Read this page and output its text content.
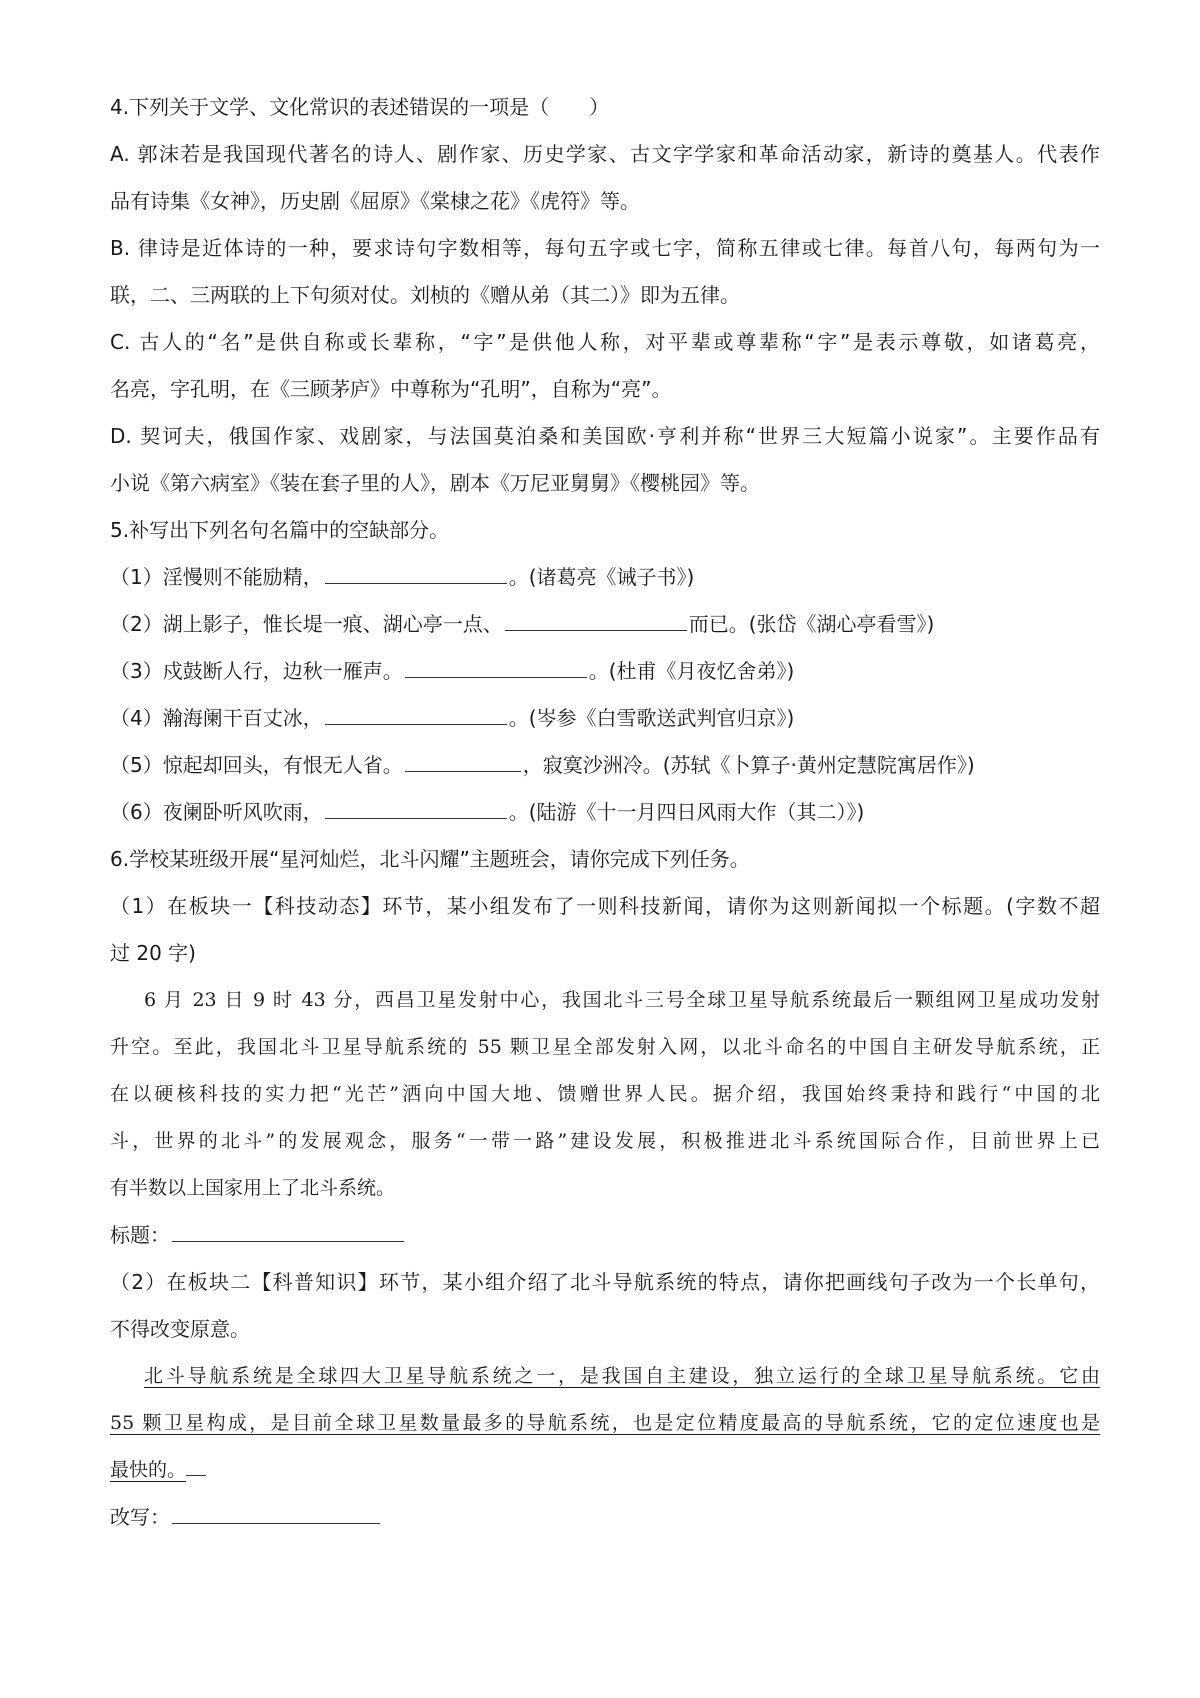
4.下列关于文学、文化常识的表述错误的一项是（　　）
A. 郭沫若是我国现代著名的诗人、剧作家、历史学家、古文字学家和革命活动家，新诗的奠基人。代表作
品有诗集《女神》，历史剧《屈原》《棠棣之花》《虎符》等。
B. 律诗是近体诗的一种，要求诗句字数相等，每句五字或七字，简称五律或七律。每首八句，每两句为一
联，二、三两联的上下句须对仗。刘桢的《赠从弟（其二）》即为五律。
C. 古人的“名”是供自称或长辈称，“字”是供他人称，对平辈或尊辈称“字”是表示尊敬，如诸葛亮，
名亮，字孔明，在《三顾茅庐》中尊称为“孔明”，自称为“亮”。
D. 契诃夫，俄国作家、戏剧家，与法国莫泊桑和美国欧·亨利并称“世界三大短篇小说家”。主要作品有
小说《第六病室》《装在套子里的人》，剧本《万尼亚舅舅》《樱桃园》等。
5.补写出下列名句名篇中的空缺部分。
（1）淫慢则不能励精，	。(诸葛亮《诫子书》)
（2）湖上影子，惟长堤一痕、湖心亭一点、	而已。(张岱《湖心亭看雪》)
（3）戍鼓断人行，边秋一雁声。	。(杜甫《月夜忆舍弟》)
（4）瀚海阑干百丈冰，	。(岑参《白雪歌送武判官归京》)
（5）惊起却回头，有恨无人省。	，寂寞沙洲冷。(苏轼《卜算子·黄州定慧院寓居作》)
（6）夜阑卧听风吹雨，	。(陆游《十一月四日风雨大作（其二）》)
6.学校某班级开展“星河灿烂，北斗闪耀”主题班会，请你完成下列任务。
（1）在板块一【科技动态】环节，某小组发布了一则科技新闻，请你为这则新闻拟一个标题。(字数不超
过 20 字)
6 月 23 日 9 时 43 分，西昌卫星发射中心，我国北斗三号全球卫星导航系统最后一颗组网卫星成功发射
升空。至此，我国北斗卫星导航系统的 55 颗卫星全部发射入网，以北斗命名的中国自主研发导航系统，正
在以硬核科技的实力把“光芒”洒向中国大地、馈赠世界人民。据介绍，我国始终秉持和践行“中国的北
斗，世界的北斗”的发展观念，服务“一带一路”建设发展，积极推进北斗系统国际合作，目前世界上已
有半数以上国家用上了北斗系统。
标题：
（2）在板块二【科普知识】环节，某小组介绍了北斗导航系统的特点，请你把画线句子改为一个长单句，
不得改变原意。
北斗导航系统是全球四大卫星导航系统之一，是我国自主建设，独立运行的全球卫星导航系统。它由
55 颗卫星构成，是目前全球卫星数量最多的导航系统，也是定位精度最高的导航系统，它的定位速度也是
最快的。
改写：
